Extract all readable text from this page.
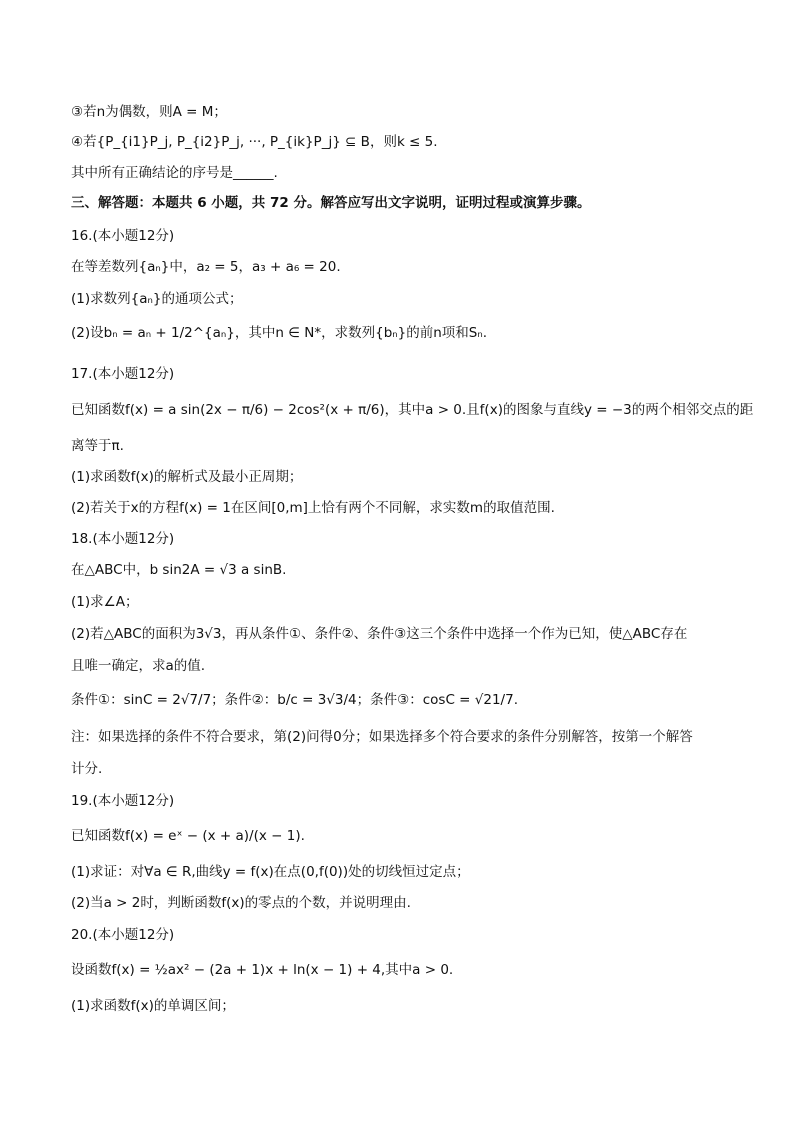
③若n为偶数，则A = M；
④若{P_{i1}P_j, P_{i2}P_j, ···, P_{ik}P_j} ⊆ B，则k ≤ 5.
其中所有正确结论的序号是______.
三、解答题：本题共 6 小题，共 72 分。解答应写出文字说明，证明过程或演算步骤。
16.(本小题12分)
在等差数列{aₙ}中，a₂ = 5，a₃ + a₆ = 20.
(1)求数列{aₙ}的通项公式；
(2)设bₙ = aₙ + 1/2^{aₙ}，其中n ∈ N*，求数列{bₙ}的前n项和Sₙ.
17.(本小题12分)
已知函数f(x) = a sin(2x − π/6) − 2cos²(x + π/6)，其中a > 0.且f(x)的图象与直线y = −3的两个相邻交点的距
离等于π.
(1)求函数f(x)的解析式及最小正周期；
(2)若关于x的方程f(x) = 1在区间[0,m]上恰有两个不同解，求实数m的取值范围.
18.(本小题12分)
在△ABC中，b sin2A = √3 a sinB.
(1)求∠A；
(2)若△ABC的面积为3√3，再从条件①、条件②、条件③这三个条件中选择一个作为已知，使△ABC存在
且唯一确定，求a的值.
条件①：sinC = 2√7/7；条件②：b/c = 3√3/4；条件③：cosC = √21/7.
注：如果选择的条件不符合要求，第(2)问得0分；如果选择多个符合要求的条件分别解答，按第一个解答
计分.
19.(本小题12分)
已知函数f(x) = eˣ − (x + a)/(x − 1).
(1)求证：对∀a ∈ R,曲线y = f(x)在点(0,f(0))处的切线恒过定点；
(2)当a > 2时，判断函数f(x)的零点的个数，并说明理由.
20.(本小题12分)
设函数f(x) = ½ax² − (2a + 1)x + ln(x − 1) + 4,其中a > 0.
(1)求函数f(x)的单调区间；
